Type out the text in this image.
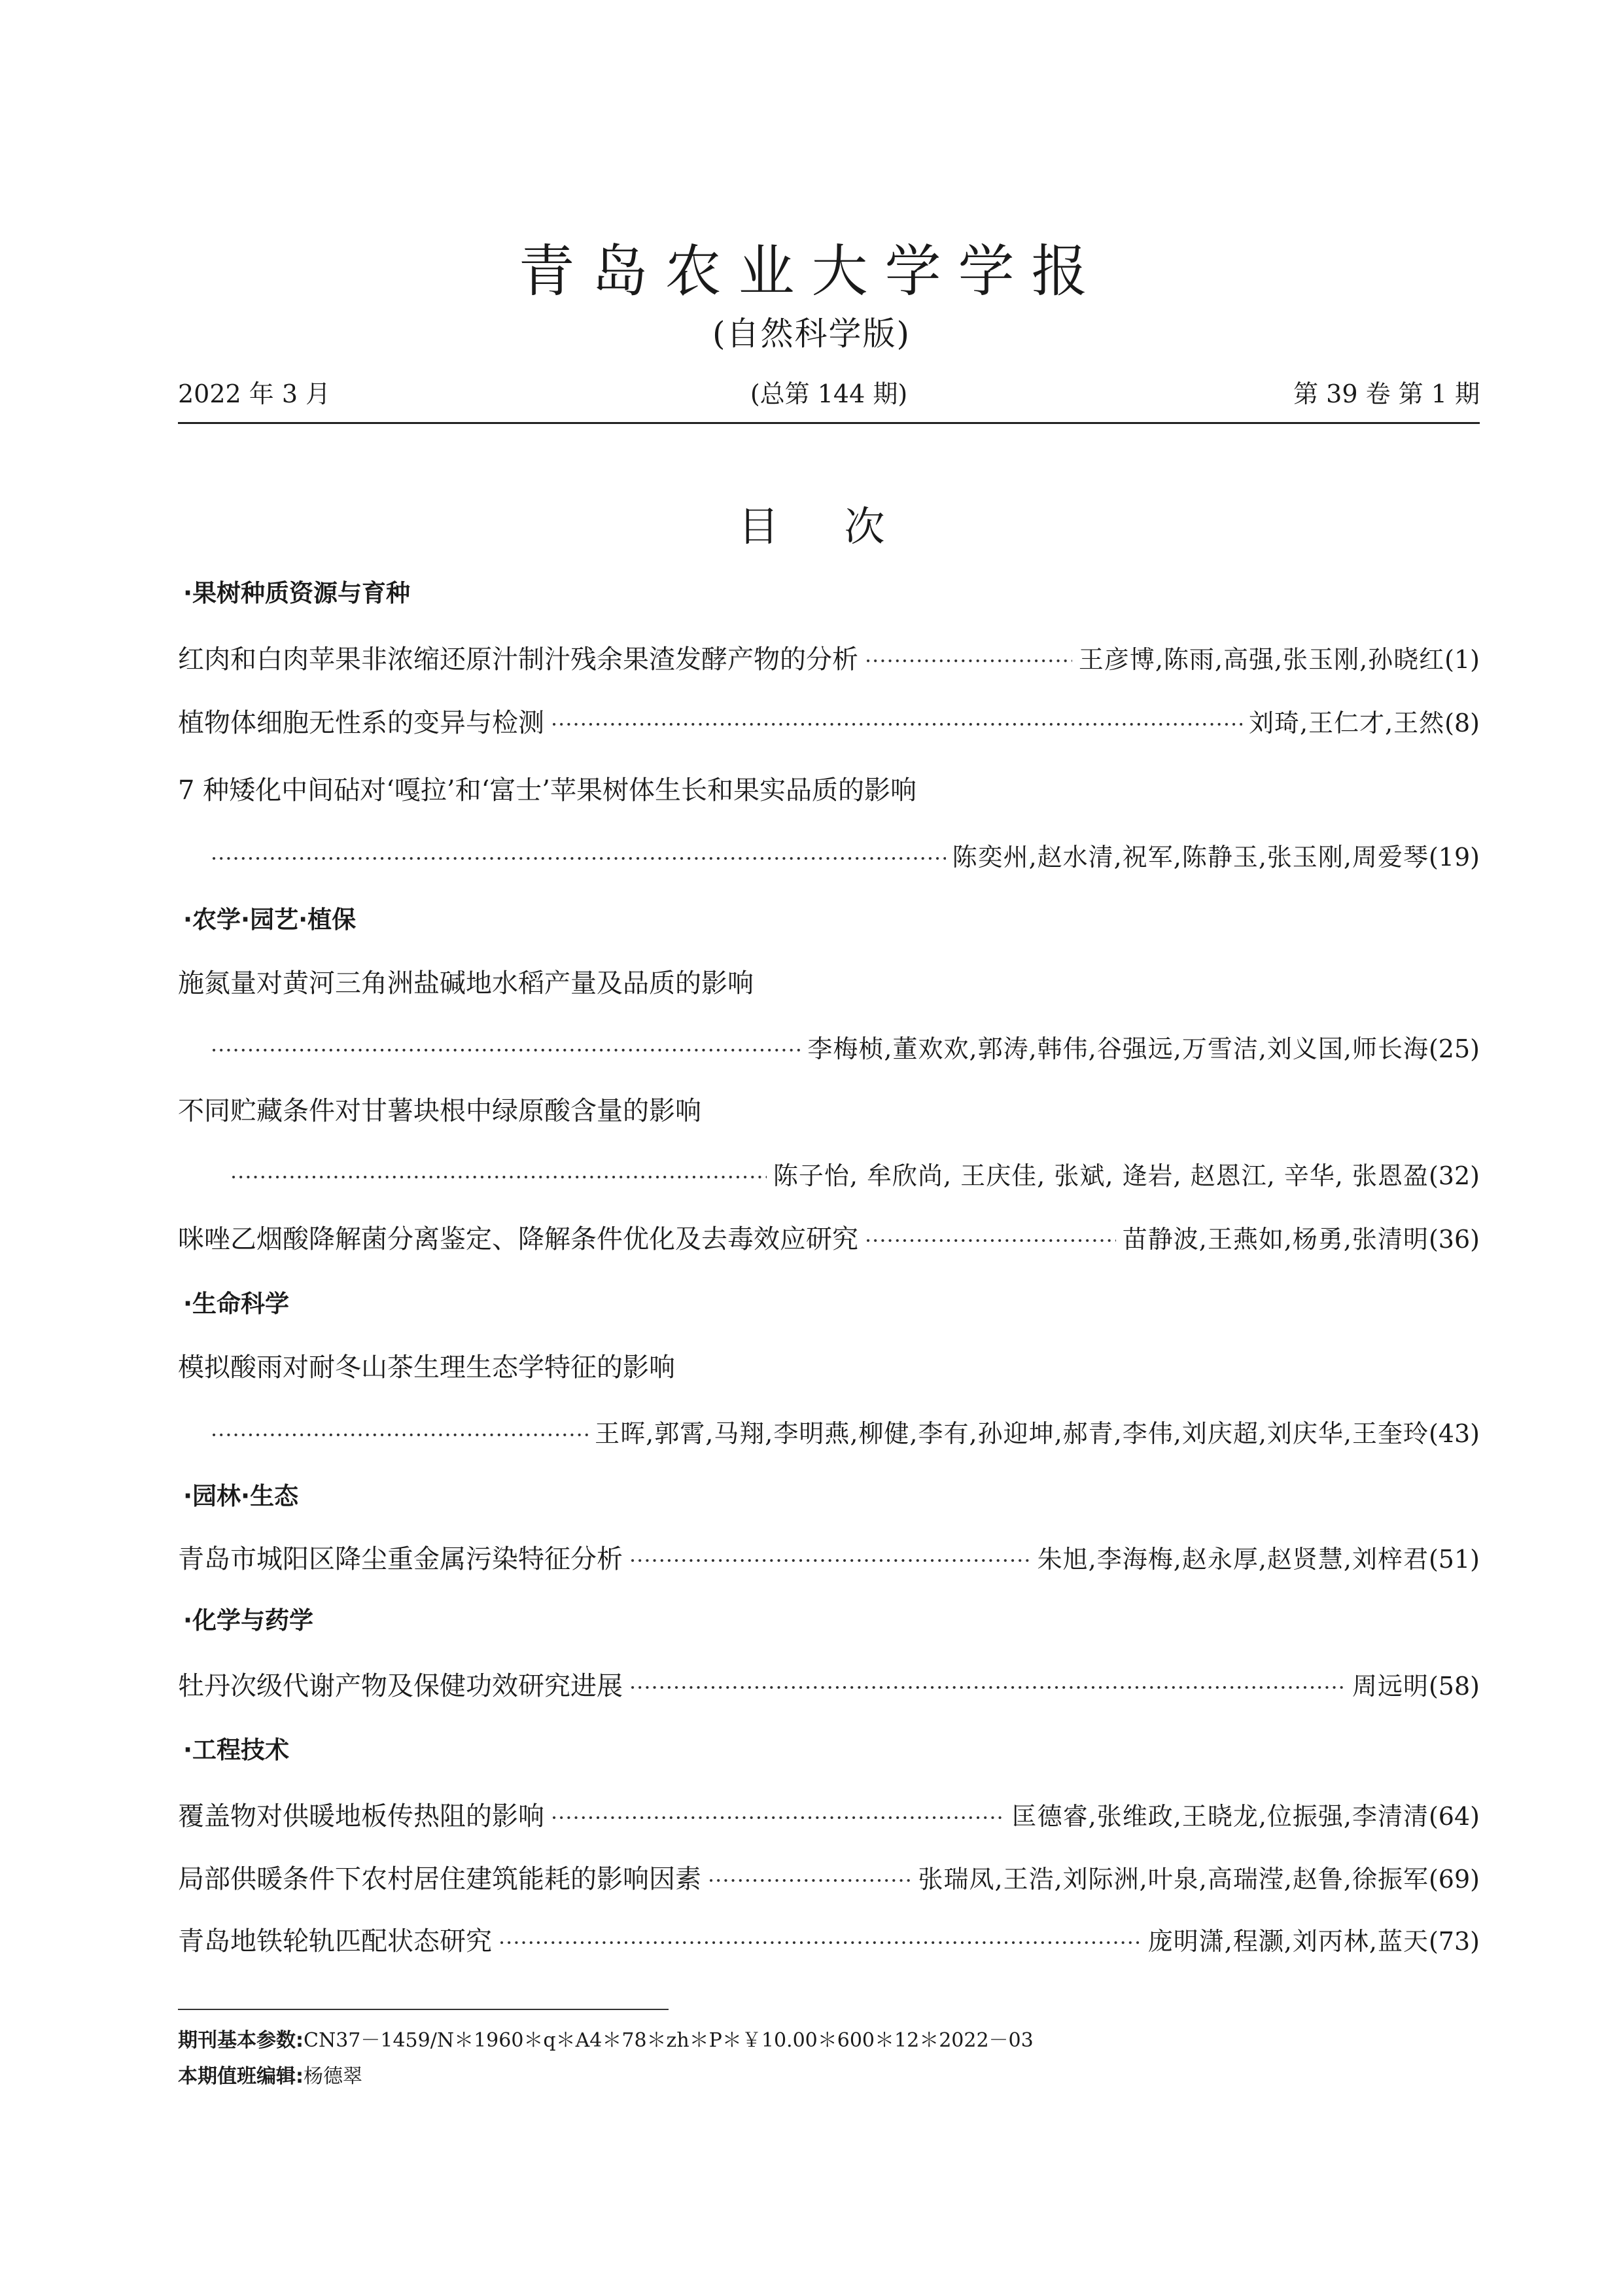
青岛农业大学学报
(自然科学版)
2022 年 3 月	(总第 144 期)	第 39 卷 第 1 期
目次
·果树种质资源与育种
红肉和白肉苹果非浓缩还原汁制汁残余果渣发酵产物的分析 ·····	王彦博,陈雨,高强,张玉刚,孙晓红 (1)
植物体细胞无性系的变异与检测 ·····	刘琦,王仁才,王然 (8)
7 种矮化中间砧对‘嘎拉’和‘富士’苹果树体生长和果实品质的影响
·····
陈奕州,赵水清,祝军,陈静玉,张玉刚,周爱琴 (19)
·农学·园艺·植保
施氮量对黄河三角洲盐碱地水稻产量及品质的影响
·····
李梅桢,董欢欢,郭涛,韩伟,谷强远,万雪洁,刘义国,师长海 (25)
不同贮藏条件对甘薯块根中绿原酸含量的影响
·····
陈子怡, 牟欣尚, 王庆佳, 张斌, 逄岩, 赵恩江, 辛华, 张恩盈 (32)
咪唑乙烟酸降解菌分离鉴定、降解条件优化及去毒效应研究 ·····	苗静波,王燕如,杨勇,张清明 (36)
·生命科学
模拟酸雨对耐冬山茶生理生态学特征的影响
·····
王晖,郭霄,马翔,李明燕,柳健,李有,孙迎坤,郝青,李伟,刘庆超,刘庆华,王奎玲 (43)
·园林·生态
青岛市城阳区降尘重金属污染特征分析 ·····	朱旭,李海梅,赵永厚,赵贤慧,刘梓君 (51)
·化学与药学
牡丹次级代谢产物及保健功效研究进展 ·····	周远明 (58)
·工程技术
覆盖物对供暖地板传热阻的影响 ·····	匡德睿,张维政,王晓龙,位振强,李清清 (64)
局部供暖条件下农村居住建筑能耗的影响因素 ·····	张瑞凤,王浩,刘际洲,叶泉,高瑞滢,赵鲁,徐振军 (69)
青岛地铁轮轨匹配状态研究 ·····	庞明潇,程灏,刘丙林,蓝天 (73)
期刊基本参数:CN37－1459/N＊1960＊q＊A4＊78＊zh＊P＊￥10.00＊600＊12＊2022－03
本期值班编辑:杨德翠
